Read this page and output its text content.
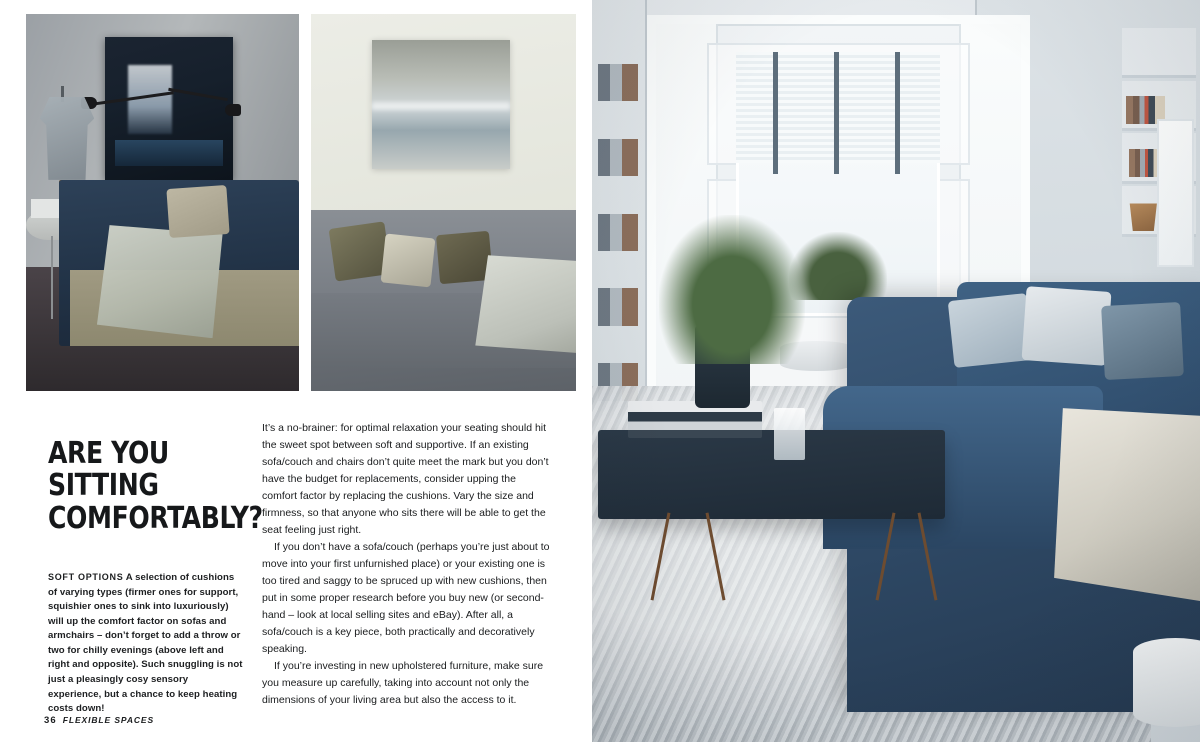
ARE YOU SITTING COMFORTABLY?
SOFT OPTIONS A selection of cushions of varying types (firmer ones for support, squishier ones to sink into luxuriously) will up the comfort factor on sofas and armchairs – don’t forget to add a throw or two for chilly evenings (above left and right and opposite). Such snuggling is not just a pleasingly cosy sensory experience, but a chance to keep heating costs down!

It’s a no-brainer: for optimal relaxation your seating should hit the sweet spot between soft and supportive. If an existing sofa/couch and chairs don’t quite meet the mark but you don’t have the budget for replacements, consider upping the comfort factor by replacing the cushions. Vary the size and firmness, so that anyone who sits there will be able to get the seat feeling just right.

If you don’t have a sofa/couch (perhaps you’re just about to move into your first unfurnished place) or your existing one is too tired and saggy to be spruced up with new cushions, then put in some proper research before you buy new (or second-hand – look at local selling sites and eBay). After all, a sofa/couch is a key piece, both practically and decoratively speaking.

If you’re investing in new upholstered furniture, make sure you measure up carefully, taking into account not only the dimensions of your living area but also the access to it.

36 FLEXIBLE SPACES
